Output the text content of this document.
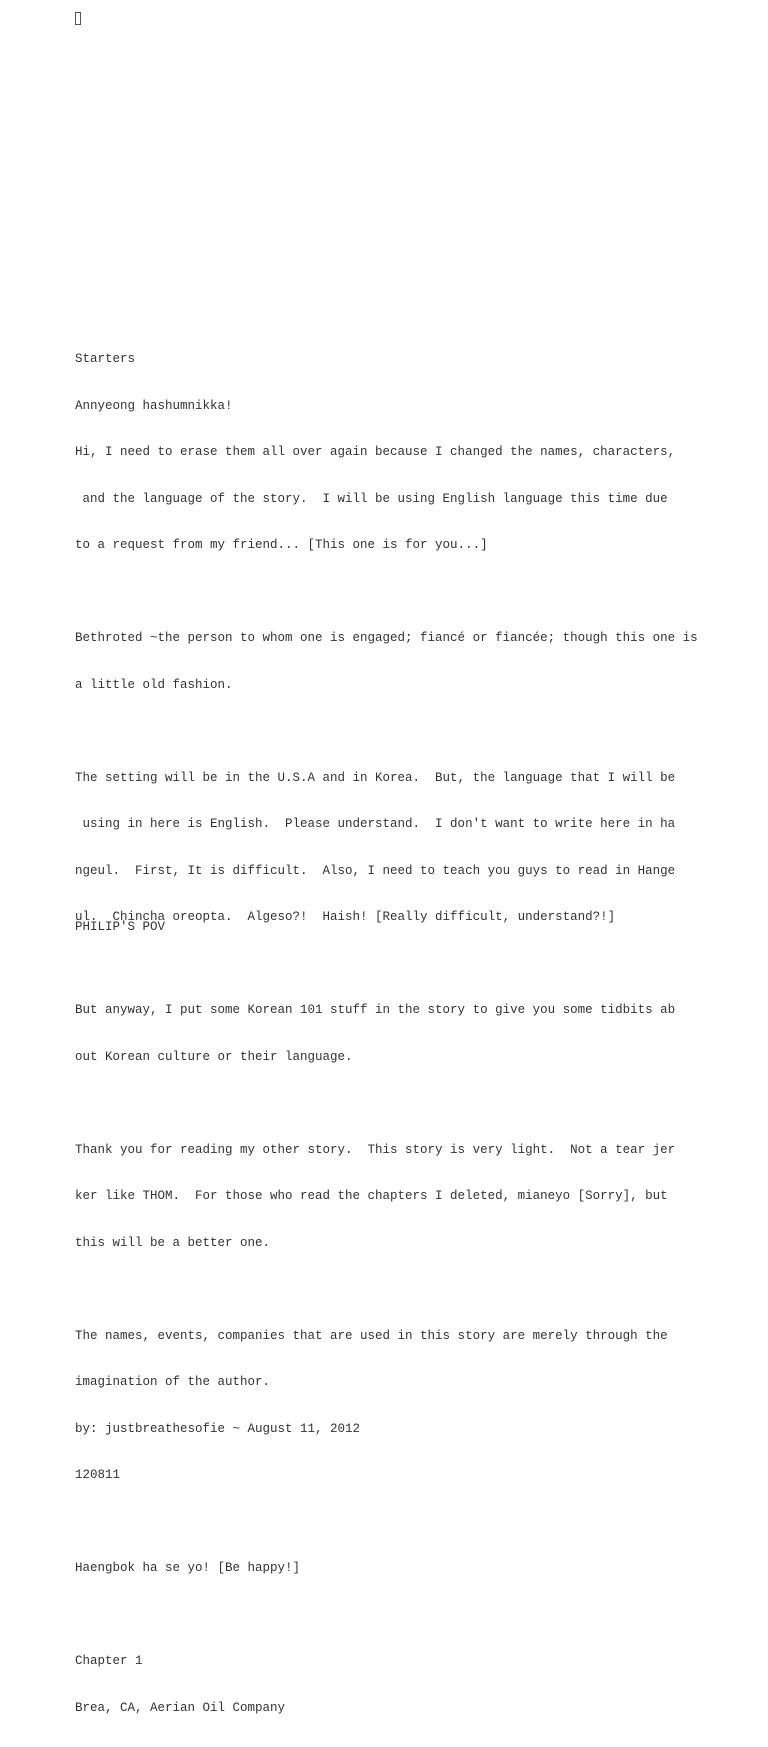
Starters

Annyeong hashumnikka!

Hi, I need to erase them all over again because I changed the names, characters,

and the language of the story.  I will be using English language this time due

to a request from my friend... [This one is for you...]

Bethroted ~the person to whom one is engaged; fiancé or fiancée; though this one is

a little old fashion.

The setting will be in the U.S.A and in Korea.  But, the language that I will be

using in here is English.  Please understand.  I don't want to write here in ha

ngeul.  First, It is difficult.  Also, I need to teach you guys to read in Hange

ul.  Chincha oreopta.  Algeso?!  Haish! [Really difficult, understand?!]

But anyway, I put some Korean 101 stuff in the story to give you some tidbits ab

out Korean culture or their language.

Thank you for reading my other story.  This story is very light.  Not a tear jer

ker like THOM.  For those who read the chapters I deleted, mianeyo [Sorry], but

this will be a better one.

The names, events, companies that are used in this story are merely through the

imagination of the author.

by: justbreathesofie ~ August 11, 2012

120811

Haengbok ha se yo! [Be happy!]

Chapter 1

Brea, CA, Aerian Oil Company

PHILIP'S POV
